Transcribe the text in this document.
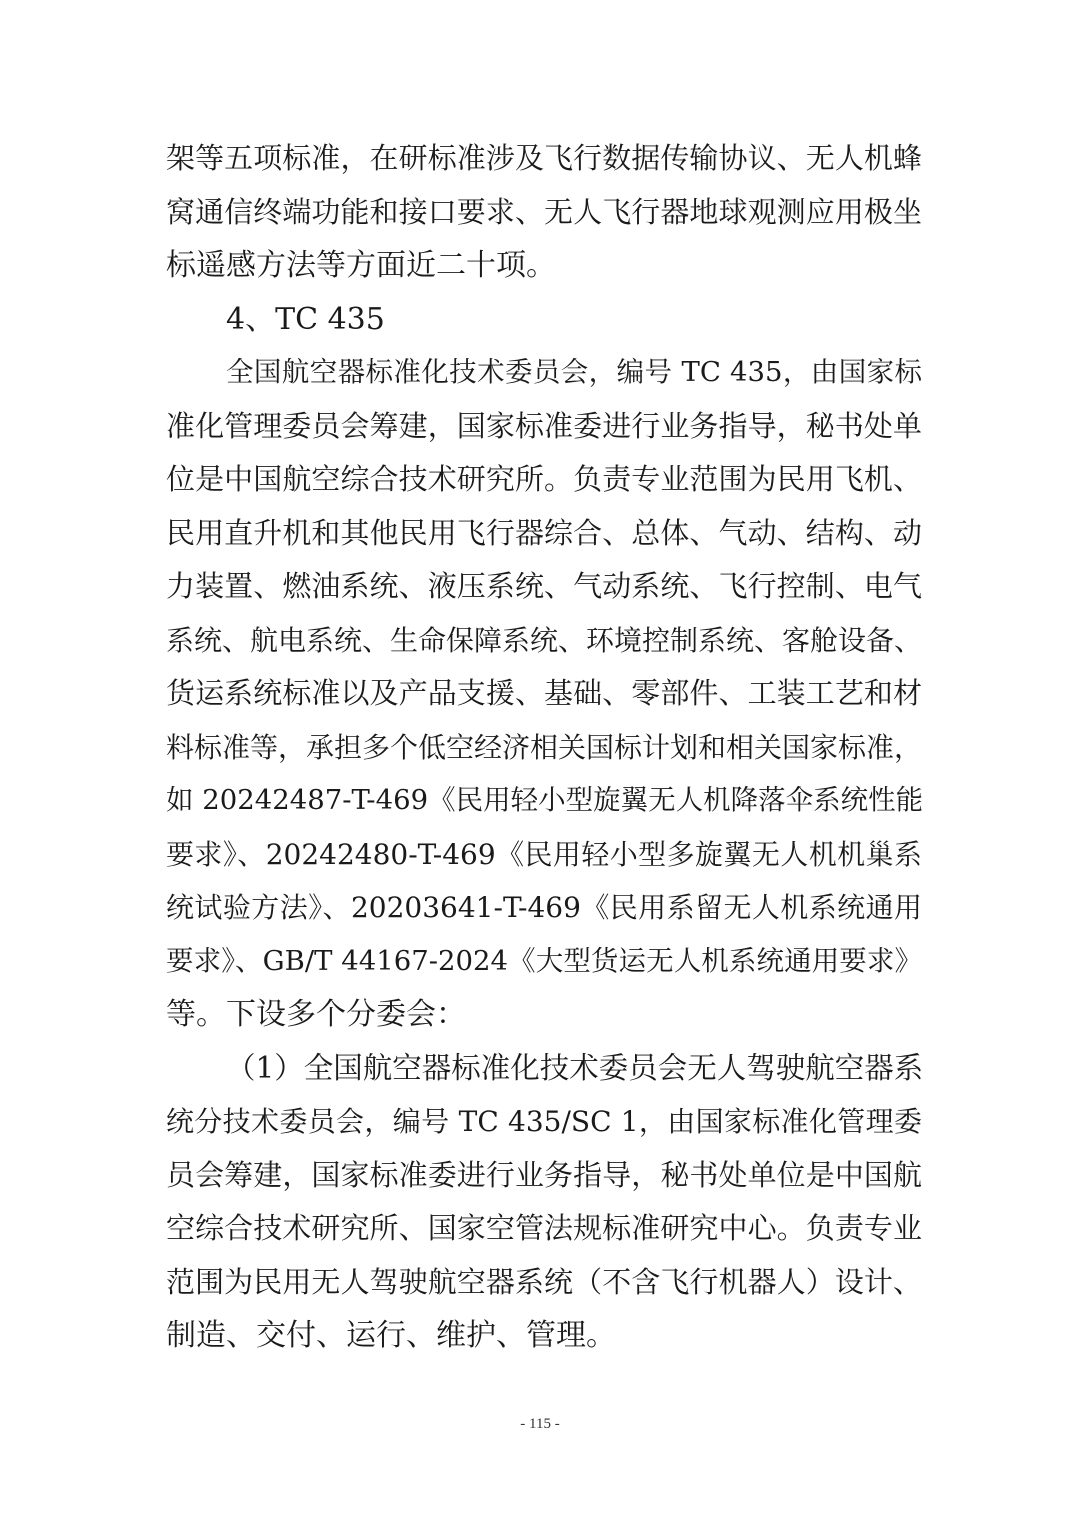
架等五项标准，在研标准涉及飞行数据传输协议、无人机蜂
窝通信终端功能和接口要求、无人飞行器地球观测应用极坐
标遥感方法等方面近二十项。
4、TC 435
全国航空器标准化技术委员会，编号 TC 435，由国家标
准化管理委员会筹建，国家标准委进行业务指导，秘书处单
位是中国航空综合技术研究所。负责专业范围为民用飞机、
民用直升机和其他民用飞行器综合、总体、气动、结构、动
力装置、燃油系统、液压系统、气动系统、飞行控制、电气
系统、航电系统、生命保障系统、环境控制系统、客舱设备、
货运系统标准以及产品支援、基础、零部件、工装工艺和材
料标准等，承担多个低空经济相关国标计划和相关国家标准，
如 20242487-T-469《民用轻小型旋翼无人机降落伞系统性能
要求》、20242480-T-469《民用轻小型多旋翼无人机机巢系
统试验方法》、20203641-T-469《民用系留无人机系统通用
要求》、GB/T 44167-2024《大型货运无人机系统通用要求》
等。下设多个分委会：
（1）全国航空器标准化技术委员会无人驾驶航空器系
统分技术委员会，编号 TC 435/SC 1，由国家标准化管理委
员会筹建，国家标准委进行业务指导，秘书处单位是中国航
空综合技术研究所、国家空管法规标准研究中心。负责专业
范围为民用无人驾驶航空器系统（不含飞行机器人）设计、
制造、交付、运行、维护、管理。
- 115 -
